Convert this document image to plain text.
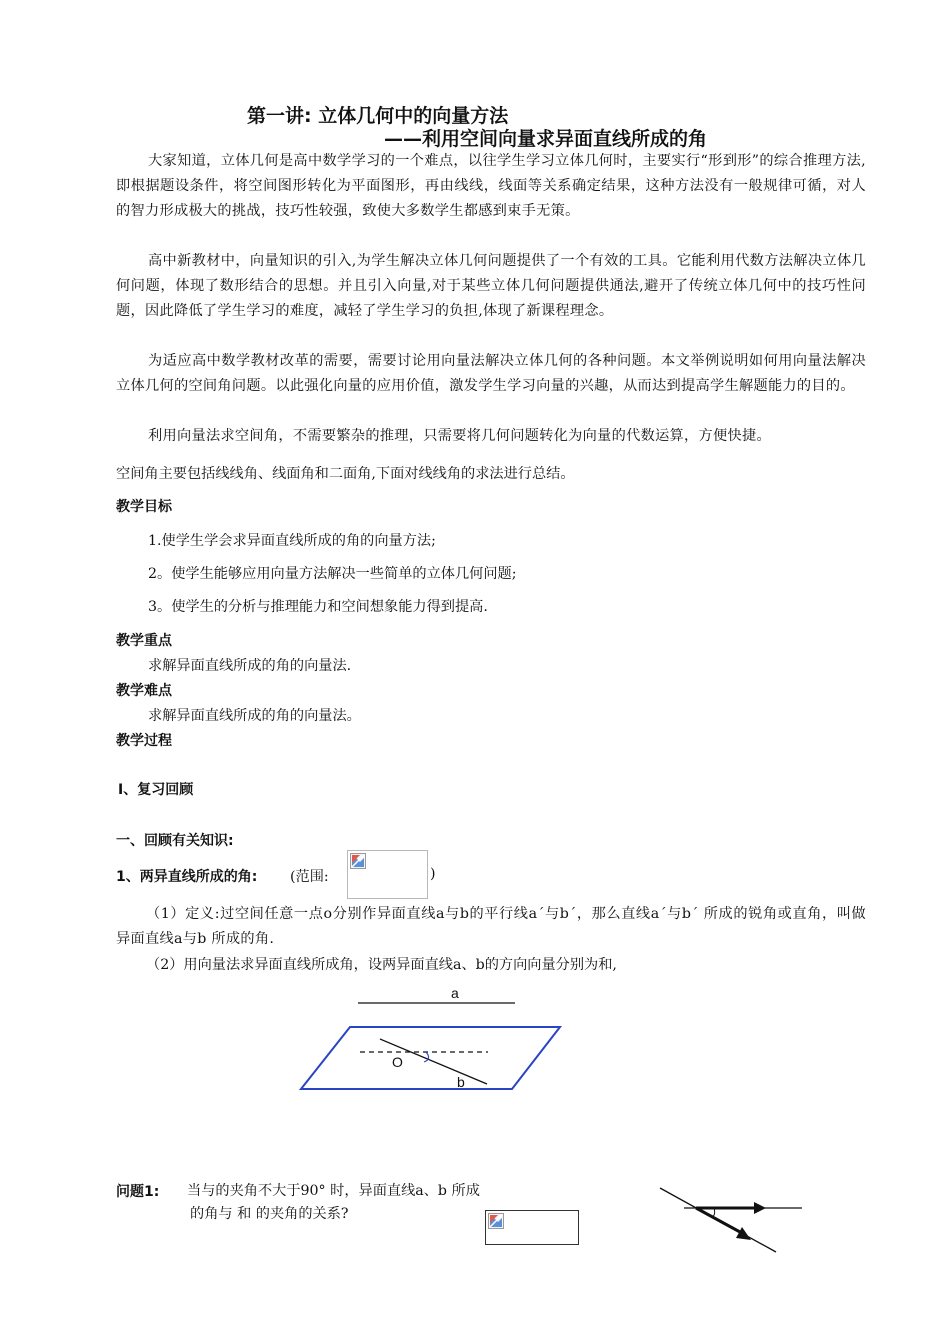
第一讲: 立体几何中的向量方法
——利用空间向量求异面直线所成的角
大家知道，立体几何是高中数学学习的一个难点，以往学生学习立体几何时，主要实行“形到形”的综合推理方法,即根据题设条件，将空间图形转化为平面图形，再由线线，线面等关系确定结果，这种方法没有一般规律可循，对人的智力形成极大的挑战，技巧性较强，致使大多数学生都感到束手无策。
高中新教材中，向量知识的引入,为学生解决立体几何问题提供了一个有效的工具。它能利用代数方法解决立体几何问题，体现了数形结合的思想。并且引入向量,对于某些立体几何问题提供通法,避开了传统立体几何中的技巧性问题，因此降低了学生学习的难度，减轻了学生学习的负担,体现了新课程理念。
为适应高中数学教材改革的需要，需要讨论用向量法解决立体几何的各种问题。本文举例说明如何用向量法解决立体几何的空间角问题。以此强化向量的应用价值，激发学生学习向量的兴趣，从而达到提高学生解题能力的目的。
利用向量法求空间角，不需要繁杂的推理，只需要将几何问题转化为向量的代数运算，方便快捷。
空间角主要包括线线角、线面角和二面角,下面对线线角的求法进行总结。
教学目标
1.使学生学会求异面直线所成的角的向量方法;
2。使学生能够应用向量方法解决一些简单的立体几何问题;
3。使学生的分析与推理能力和空间想象能力得到提高.
教学重点
求解异面直线所成的角的向量法.
教学难点
求解异面直线所成的角的向量法。
教学过程
Ⅰ、复习回顾
一、回顾有关知识:
1、两异直线所成的角: (范围:	)
（1）定义:过空间任意一点o分别作异面直线a与b的平行线a´与b´，那么直线a´与b´ 所成的锐角或直角，叫做异面直线a与b 所成的角.
（2）用向量法求异面直线所成角，设两异面直线a、b的方向向量分别为和,
a
O
b
问题1: 当与的夹角不大于90° 时，异面直线a、b 所成
的角与 和 的夹角的关系?
